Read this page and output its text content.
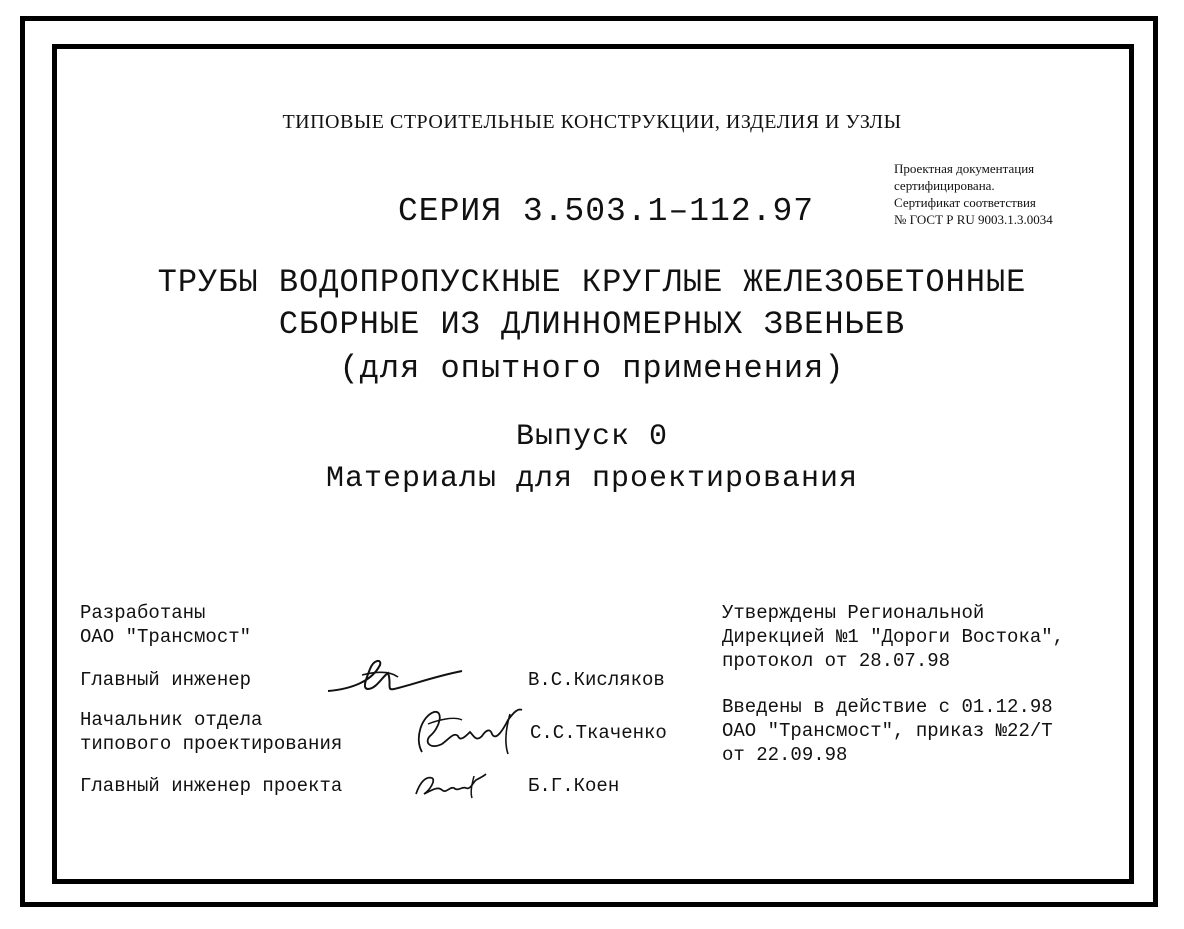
ТИПОВЫЕ СТРОИТЕЛЬНЫЕ КОНСТРУКЦИИ, ИЗДЕЛИЯ И УЗЛЫ
СЕРИЯ 3.503.1–112.97
Проектная документация
сертифицирована.
Сертификат соответствия
№ ГОСТ Р RU 9003.1.3.0034
ТРУБЫ ВОДОПРОПУСКНЫЕ КРУГЛЫЕ ЖЕЛЕЗОБЕТОННЫЕ
СБОРНЫЕ ИЗ ДЛИННОМЕРНЫХ ЗВЕНЬЕВ
(для опытного применения)
Выпуск 0
Материалы для проектирования
Разработаны
ОАО "Трансмост"
Главный инженер	В.С.Кисляков
Начальник отдела
типового проектирования	С.С.Ткаченко
Главный инженер проекта	Б.Г.Коен
Утверждены Региональной
Дирекцией №1 "Дороги Востока",
протокол от 28.07.98
Введены в действие с 01.12.98
ОАО "Трансмост", приказ №22/Т
от 22.09.98
